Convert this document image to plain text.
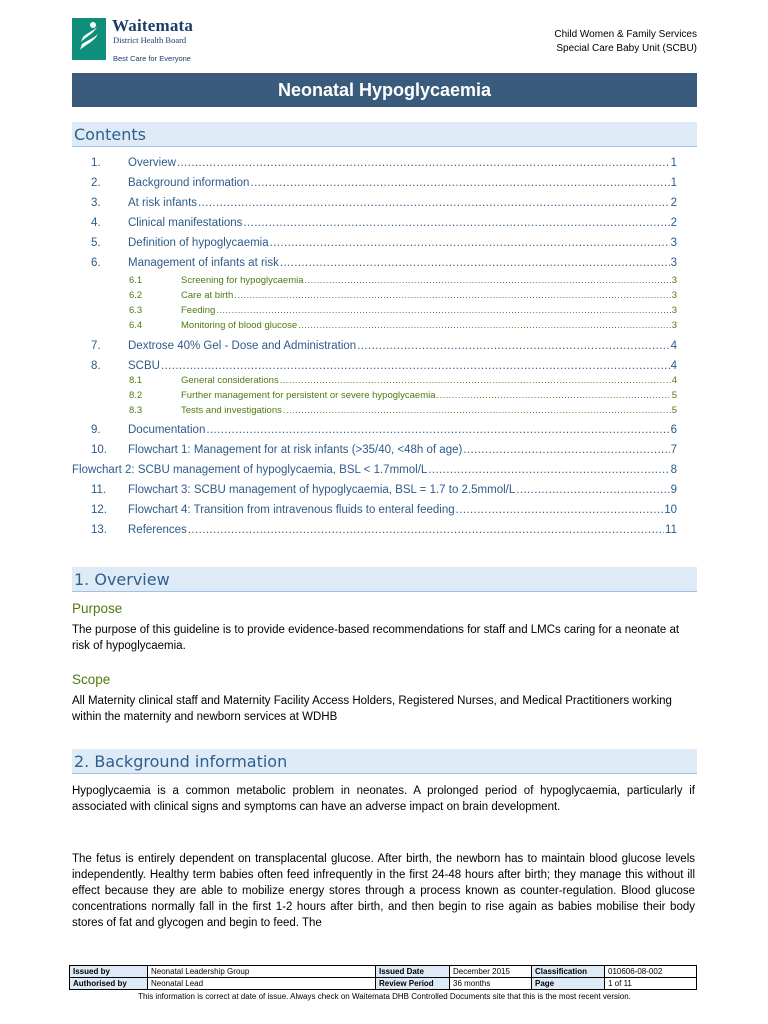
Waitemata
District Health Board
Best Care for Everyone
Child Women & Family Services
Special Care Baby Unit (SCBU)
Neonatal Hypoglycaemia
Contents
1.	Overview .....	1
2.	Background information .....	1
3.	At risk infants .....	2
4.	Clinical manifestations .....	2
5.	Definition of hypoglycaemia .....	3
6.	Management of infants at risk .....	3
6.1	Screening for hypoglycaemia .....	3
6.2	Care at birth .....	3
6.3	Feeding .....	3
6.4	Monitoring of blood glucose .....	3
7.	Dextrose 40% Gel - Dose and Administration .....	4
8.	SCBU .....	4
8.1	General considerations .....	4
8.2	Further management for persistent or severe hypoglycaemia .....	5
8.3	Tests and investigations .....	5
9.	Documentation .....	6
10.	Flowchart 1: Management for at risk infants (>35/40, <48h of age) .....	7
Flowchart 2: SCBU management of hypoglycaemia, BSL < 1.7mmol/L .....	8
11.	Flowchart 3: SCBU management of hypoglycaemia, BSL = 1.7 to 2.5mmol/L .....	9
12.	Flowchart 4: Transition from intravenous fluids to enteral feeding .....	10
13.	References .....	11
1. Overview
Purpose
The purpose of this guideline is to provide evidence-based recommendations for staff and LMCs caring for a neonate at risk of hypoglycaemia.
Scope
All Maternity clinical staff and Maternity Facility Access Holders, Registered Nurses, and Medical Practitioners working within the maternity and newborn services at WDHB
2. Background information
Hypoglycaemia is a common metabolic problem in neonates. A prolonged period of hypoglycaemia, particularly if associated with clinical signs and symptoms can have an adverse impact on brain development.
The fetus is entirely dependent on transplacental glucose. After birth, the newborn has to maintain blood glucose levels independently. Healthy term babies often feed infrequently in the first 24-48 hours after birth; they manage this without ill effect because they are able to mobilize energy stores through a process known as counter-regulation. Blood glucose concentrations normally fall in the first 1-2 hours after birth, and then begin to rise again as babies mobilise their body stores of fat and glycogen and begin to feed. The
Issued by	Neonatal Leadership Group	Issued Date	December 2015	Classification	010606-08-002
Authorised by	Neonatal Lead	Review Period	36 months	Page	1 of 11
This information is correct at date of issue. Always check on Waitemata DHB Controlled Documents site that this is the most recent version.
